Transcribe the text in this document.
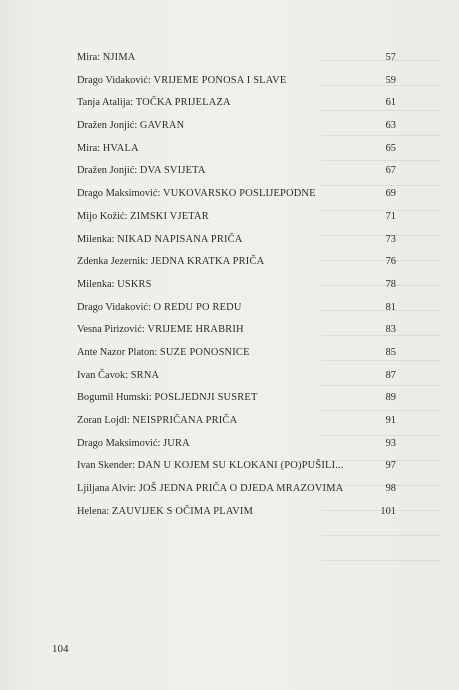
Mira: NJIMA	57
Drago Vidaković: VRIJEME PONOSA I SLAVE	59
Tanja Atalija: TOČKA PRIJELAZA	61
Dražen Jonjić: GAVRAN	63
Mira: HVALA	65
Dražen Jonjić: DVA SVIJETA	67
Drago Maksimović: VUKOVARSKO POSLIJEPODNE	69
Mijo Kožić: ZIMSKI VJETAR	71
Milenka: NIKAD NAPISANA PRIČA	73
Zdenka Jezernik: JEDNA KRATKA PRIČA	76
Milenka: USKRS	78
Drago Vidaković: O REDU PO REDU	81
Vesna Pirizović: VRIJEME HRABRIH	83
Ante Nazor Platon: SUZE PONOSNICE	85
Ivan Čavok: SRNA	87
Bogumil Humski: POSLJEDNJI SUSRET	89
Zoran Lojdl: NEISPRIČANA PRIČA	91
Drago Maksimović: JURA	93
Ivan Skender: DAN U KOJEM SU KLOKANI (PO)PUŠILI...	97
Ljiljana Alvir: JOŠ JEDNA PRIČA O DJEDA MRAZOVIMA	98
Helena: ZAUVIJEK S OČIMA PLAVIM	101
104
